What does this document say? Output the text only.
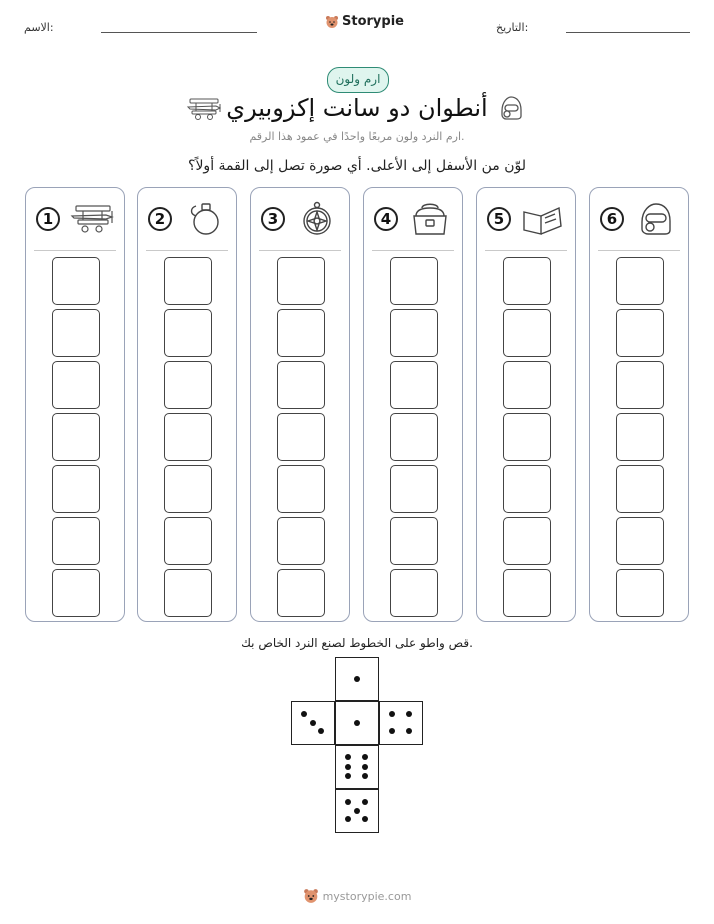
الاسم:	Storypie	التاريخ:
ارم ولون
أنطوان دو سانت إكزوبيري
ارم النرد ولون مربعًا واحدًا في عمود هذا الرقم.
لوّن من الأسفل إلى الأعلى. أي صورة تصل إلى القمة أولاً؟
1	2	3	4	5	6
قص واطو على الخطوط لصنع النرد الخاص بك.
mystorypie.com
